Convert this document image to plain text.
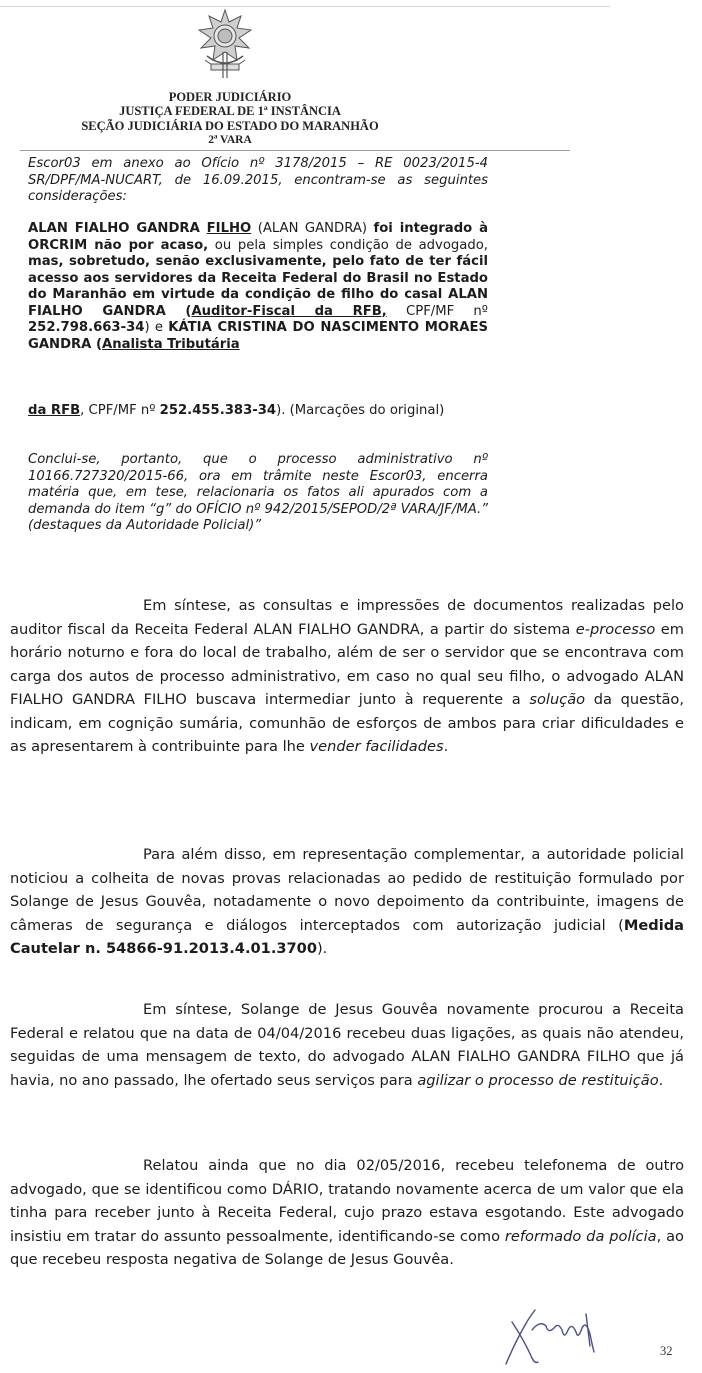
PODER JUDICIÁRIO
JUSTIÇA FEDERAL DE 1ª INSTÂNCIA
SEÇÃO JUDICIÁRIA DO ESTADO DO MARANHÃO
2ª VARA
Escor03 em anexo ao Ofício nº 3178/2015 – RE 0023/2015-4 SR/DPF/MA-NUCART, de 16.09.2015, encontram-se as seguintes considerações:
ALAN FIALHO GANDRA FILHO (ALAN GANDRA) foi integrado à ORCRIM não por acaso, ou pela simples condição de advogado, mas, sobretudo, senão exclusivamente, pelo fato de ter fácil acesso aos servidores da Receita Federal do Brasil no Estado do Maranhão em virtude da condição de filho do casal ALAN FIALHO GANDRA (Auditor-Fiscal da RFB, CPF/MF nº 252.798.663-34) e KÁTIA CRISTINA DO NASCIMENTO MORAES GANDRA (Analista Tributária
da RFB, CPF/MF nº 252.455.383-34). (Marcações do original)
Conclui-se, portanto, que o processo administrativo nº 10166.727320/2015-66, ora em trâmite neste Escor03, encerra matéria que, em tese, relacionaria os fatos ali apurados com a demanda do item “g” do OFÍCIO nº 942/2015/SEPOD/2ª VARA/JF/MA.” (destaques da Autoridade Policial)”
Em síntese, as consultas e impressões de documentos realizadas pelo auditor fiscal da Receita Federal ALAN FIALHO GANDRA, a partir do sistema e-processo em horário noturno e fora do local de trabalho, além de ser o servidor que se encontrava com carga dos autos de processo administrativo, em caso no qual seu filho, o advogado ALAN FIALHO GANDRA FILHO buscava intermediar junto à requerente a solução da questão, indicam, em cognição sumária, comunhão de esforços de ambos para criar dificuldades e as apresentarem à contribuinte para lhe vender facilidades.
Para além disso, em representação complementar, a autoridade policial noticiou a colheita de novas provas relacionadas ao pedido de restituição formulado por Solange de Jesus Gouvêa, notadamente o novo depoimento da contribuinte, imagens de câmeras de segurança e diálogos interceptados com autorização judicial (Medida Cautelar n. 54866-91.2013.4.01.3700).
Em síntese, Solange de Jesus Gouvêa novamente procurou a Receita Federal e relatou que na data de 04/04/2016 recebeu duas ligações, as quais não atendeu, seguidas de uma mensagem de texto, do advogado ALAN FIALHO GANDRA FILHO que já havia, no ano passado, lhe ofertado seus serviços para agilizar o processo de restituição.
Relatou ainda que no dia 02/05/2016, recebeu telefonema de outro advogado, que se identificou como DÁRIO, tratando novamente acerca de um valor que ela tinha para receber junto à Receita Federal, cujo prazo estava esgotando. Este advogado insistiu em tratar do assunto pessoalmente, identificando-se como reformado da polícia, ao que recebeu resposta negativa de Solange de Jesus Gouvêa.
32
